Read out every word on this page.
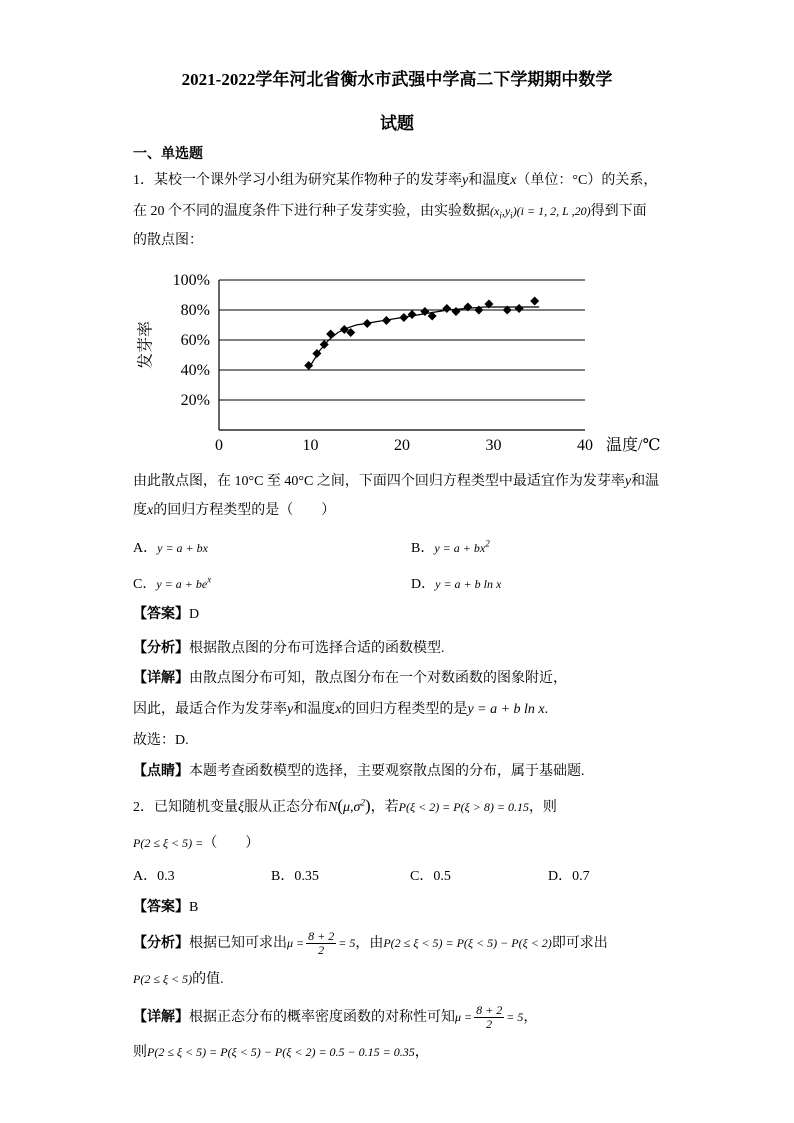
2021-2022学年河北省衡水市武强中学高二下学期期中数学
试题
一、单选题
1．某校一个课外学习小组为研究某作物种子的发芽率y和温度x（单位：°C）的关系，
在 20 个不同的温度条件下进行种子发芽实验，由实验数据$(x_i,y_i)(i = 1$, 2, L ,20)得到下面
的散点图：
温度/℃
发芽率
20%
40%
60%
80%
100%
0	10	20	30	40
由此散点图，在 10°C 至 40°C 之间，下面四个回归方程类型中最适宜作为发芽率y和温
度x的回归方程类型的是（　　）
A．y = a + bx	B．$y = a + bx^2$
C．$y = a + be^x$	D．y = a + b ln x
【答案】D
【分析】根据散点图的分布可选择合适的函数模型.
【详解】由散点图分布可知，散点图分布在一个对数函数的图象附近，
因此，最适合作为发芽率y和温度x的回归方程类型的是y = a + b ln x.
故选：D.
【点睛】本题考查函数模型的选择，主要观察散点图的分布，属于基础题.
2．已知随机变量ξ服从正态分布$N(\mu,\sigma^2)$，若P(ξ < 2) = P(ξ > 8) = 0.15，则
P(2 ≤ ξ < 5) =（　　）
A．0.3	B．0.35	C．0.5	D．0.7
【答案】B
【分析】根据已知可求出$\mu = \frac{8 + 2}{2} = 5$，由P(2 ≤ ξ < 5) = P(ξ < 5) − P(ξ < 2)即可求出
P(2 ≤ ξ < 5)的值.
【详解】根据正态分布的概率密度函数的对称性可知$\mu = \frac{8 + 2}{2} = 5$，
则P(2 ≤ ξ < 5) = P(ξ < 5) − P(ξ < 2) = 0.5 − 0.15 = 0.35，
